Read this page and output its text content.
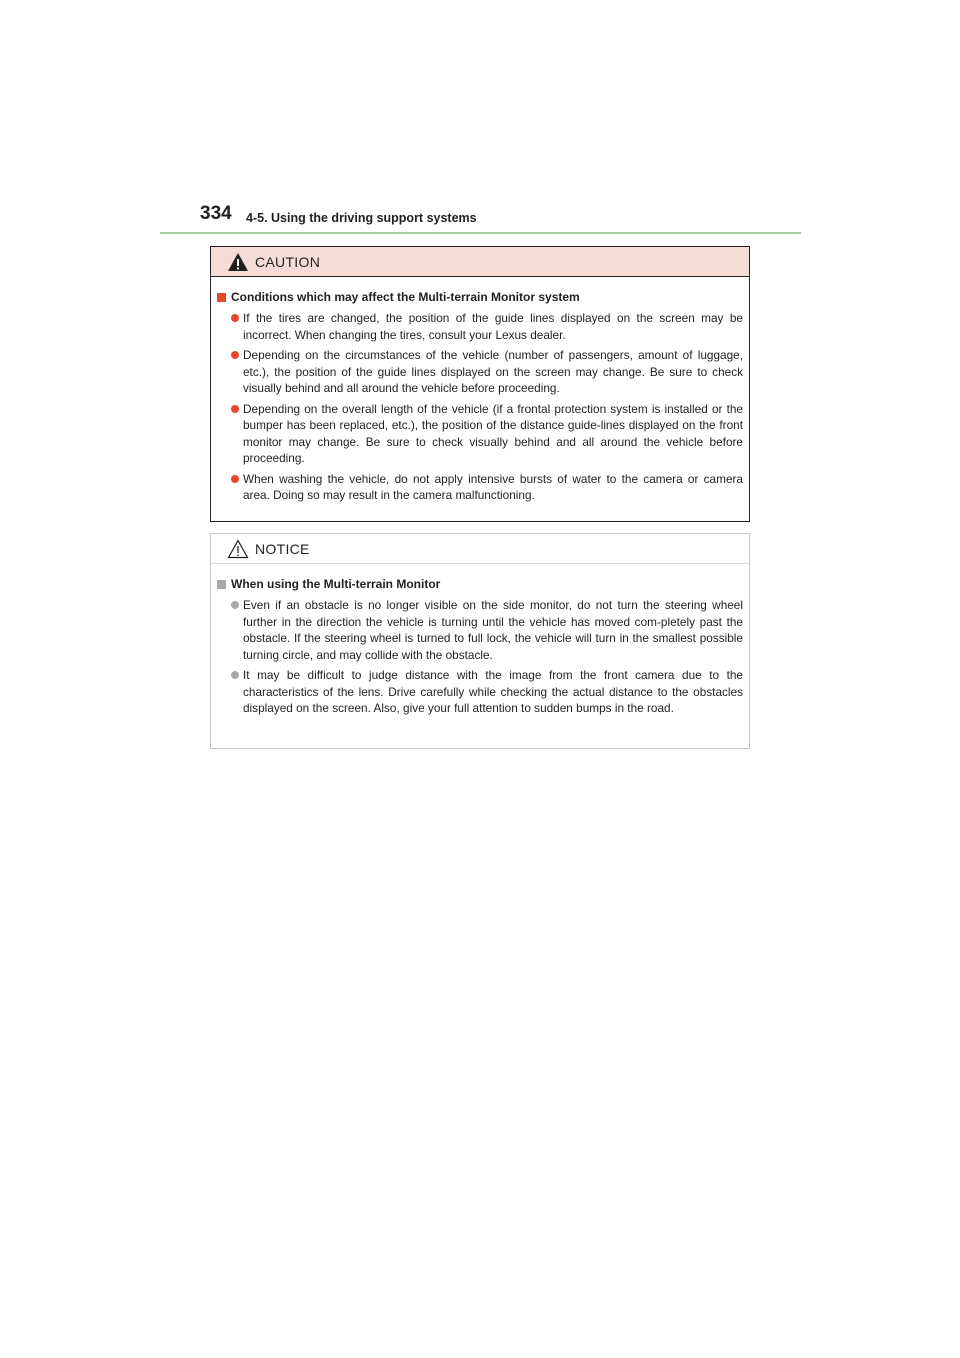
334 4-5. Using the driving support systems
CAUTION
Conditions which may affect the Multi-terrain Monitor system
If the tires are changed, the position of the guide lines displayed on the screen may be incorrect. When changing the tires, consult your Lexus dealer.
Depending on the circumstances of the vehicle (number of passengers, amount of luggage, etc.), the position of the guide lines displayed on the screen may change. Be sure to check visually behind and all around the vehicle before proceeding.
Depending on the overall length of the vehicle (if a frontal protection system is installed or the bumper has been replaced, etc.), the position of the distance guide-lines displayed on the front monitor may change. Be sure to check visually behind and all around the vehicle before proceeding.
When washing the vehicle, do not apply intensive bursts of water to the camera or camera area. Doing so may result in the camera malfunctioning.
NOTICE
When using the Multi-terrain Monitor
Even if an obstacle is no longer visible on the side monitor, do not turn the steering wheel further in the direction the vehicle is turning until the vehicle has moved com-pletely past the obstacle. If the steering wheel is turned to full lock, the vehicle will turn in the smallest possible turning circle, and may collide with the obstacle.
It may be difficult to judge distance with the image from the front camera due to the characteristics of the lens. Drive carefully while checking the actual distance to the obstacles displayed on the screen. Also, give your full attention to sudden bumps in the road.
